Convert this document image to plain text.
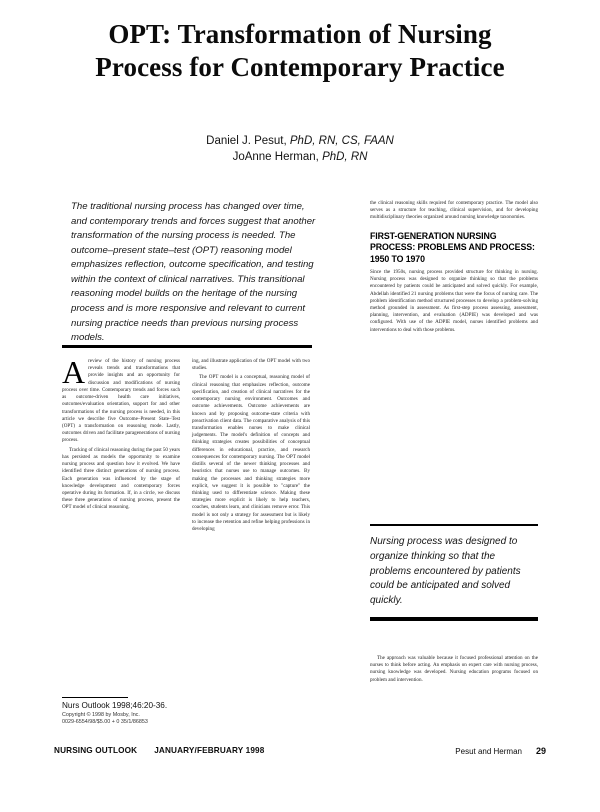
OPT: Transformation of Nursing
Process for Contemporary Practice
Daniel J. Pesut, PhD, RN, CS, FAAN
JoAnne Herman, PhD, RN
The traditional nursing process has changed over time, and contemporary trends and forces suggest that another transformation of the nursing process is needed. The outcome–present state–test (OPT) reasoning model emphasizes reflection, outcome specification, and testing within the context of clinical narratives. This transitional reasoning model builds on the heritage of the nursing process and is more responsive and relevant to current nursing practice needs than previous nursing process models.

Areview of the history of nursing process reveals trends and transformations that provide insights and an opportunity for discussion and modifications of nursing process over time. Contemporary trends and forces such as outcome-driven health care initiatives, outcomes/evaluation orientation, support for and other transformations of the nursing process is needed, in this article we describe five Outcome–Present State–Test (OPT) a transformation on reasoning mode. Lastly, outcomes driven and facilitate paragenerations of nursing process.

Tracking of clinical reasoning during the past 50 years has persisted as models the opportunity to examine nursing process and question how it evolved. We have identified three distinct generations of nursing process. Each generation was influenced by the stage of knowledge development and contemporary forces operative during its formation. If, in a circle, we discuss these three generations of nursing process, present the OPT model of clinical reasoning.

ing, and illustrate application of the OPT model with two studies.

The OPT model is a conceptual, reasoning model of clinical reasoning that emphasizes reflection, outcome specification, and creation of clinical narratives for the contemporary nursing environment. Outcomes and outcome achievements. Outcome achievements are known and by proposing outcome-state criteria with preactivation client data. The comparative analysis of this transformation enables nurses to make clinical judgements. The model's definition of concepts and thinking strategies creates possibilities of conceptual differences in educational, practice, and research consequences for contemporary nursing. The OPT model distills several of the newer thinking processes and heuristics that nurses use to manage outcomes. By making the processes and thinking strategies more explicit, we suggest it is possible to "capture" the thinking used to differentiate science. Making these strategies more explicit is likely to help teachers, coaches, students learn, and clinicians remove error. This model is not only a strategy for assessment but is likely to increase the retention and refine helping professions in developing

the clinical reasoning skills required for contemporary practice. The model also serves as a structure for teaching, clinical supervision, and for developing multidisciplinary theories organized around nursing knowledge taxonomies.

FIRST-GENERATION NURSING PROCESS: PROBLEMS AND PROCESS: 1950 TO 1970

Since the 1950s, nursing process provided structure for thinking in nursing. Nursing process was designed to organize thinking so that the problems encountered by patients could be anticipated and solved quickly. For example, Abdellah identified 21 nursing problems that were the focus of nursing care. The problem identification method structured processes to develop a problem-solving method grounded in assessment. As first-step process assessing, assessment, planning, intervention, and evaluation (ADPIE) was developed and was configured. With use of the ADPIE model, nurses identified problems and interventions to deal with those problems.

Nursing process was designed to organize thinking so that the problems encountered by patients could be anticipated and solved quickly.

The approach was valuable because it focused professional attention on the nurses to think before acting. An emphasis on expert care with nursing process, nursing knowledge was developed. Nursing education programs focused on problem and intervention.

Nurs Outlook 1998;46:20-36.
Copyright © 1998 by Mosby, Inc.
0029-6554/98/$5.00 + 0 35/1/86853
NURSING OUTLOOK JANUARY/FEBRUARY 1998	Pesut and Herman 29
